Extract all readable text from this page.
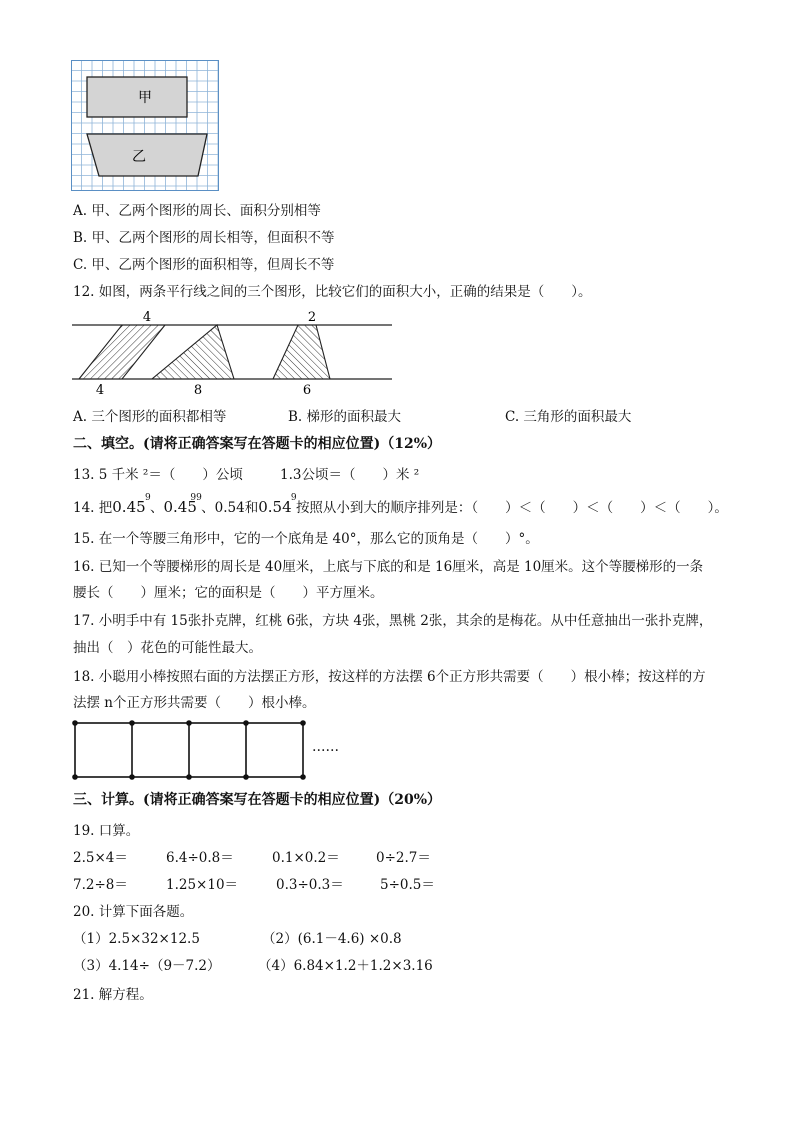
甲
乙
A. 甲、乙两个图形的周长、面积分别相等
B. 甲、乙两个图形的周长相等，但面积不等
C. 甲、乙两个图形的面积相等，但周长不等
12. 如图，两条平行线之间的三个图形，比较它们的面积大小，正确的结果是（　　）。
4	2
4	8	6
A. 三个图形的面积都相等	B. 梯形的面积最大	C. 三角形的面积最大
二、填空。(请将正确答案写在答题卡的相应位置)（12%）
13. 5 千米 ²＝（　　）公顷	1.3公顷＝（　　）米 ²
14. 把0.45 9
、0.45
99
、0.54和0.54 9
按照从小到大的顺序排列是：（　　）＜（　　）＜（　　）＜（　　）。
15. 在一个等腰三角形中，它的一个底角是 40°，那么它的顶角是（　　）°。
16. 已知一个等腰梯形的周长是 40厘米，上底与下底的和是 16厘米，高是 10厘米。这个等腰梯形的一条
腰长（　　）厘米；它的面积是（　　）平方厘米。
17. 小明手中有 15张扑克牌，红桃 6张，方块 4张，黑桃 2张，其余的是梅花。从中任意抽出一张扑克牌，
抽出（　）花色的可能性最大。
18. 小聪用小棒按照右面的方法摆正方形，按这样的方法摆 6个正方形共需要（　　）根小棒；按这样的方
法摆 n个正方形共需要（　　）根小棒。
……
三、计算。(请将正确答案写在答题卡的相应位置)（20%）
19. 口算。
2.5×4＝	6.4÷0.8＝	0.1×0.2＝	0÷2.7＝
7.2÷8＝	1.25×10＝	0.3÷0.3＝	5÷0.5＝
20. 计算下面各题。
（1）2.5×32×12.5	（2）(6.1－4.6) ×0.8
（3）4.14÷（9－7.2）	（4）6.84×1.2＋1.2×3.16
21. 解方程。
